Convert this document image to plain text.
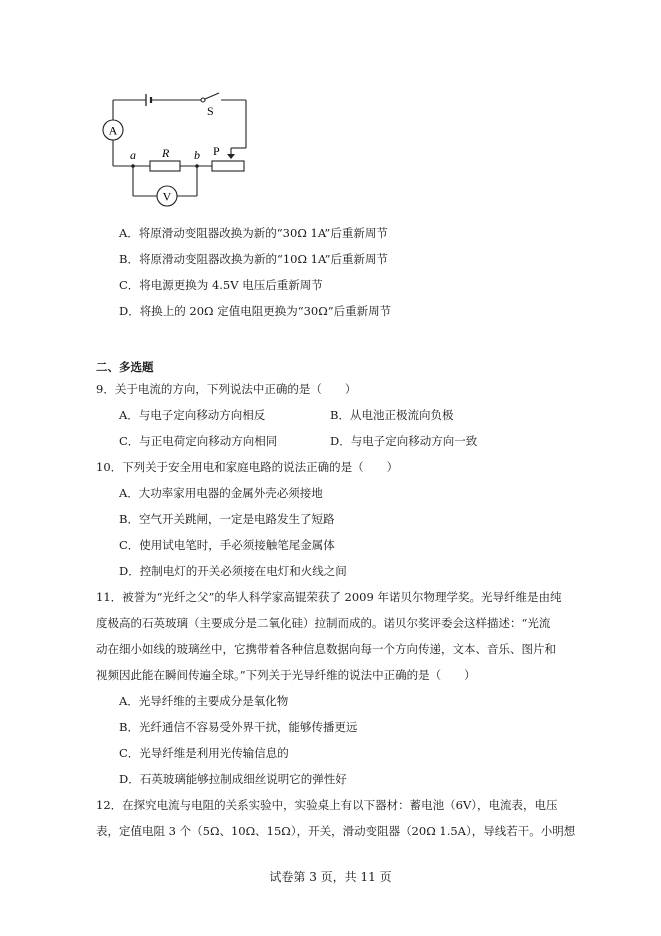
A
V
S
R	P
a	b
A．将原滑动变阻器改换为新的“30Ω 1A”后重新周节
B．将原滑动变阻器改换为新的“10Ω 1A”后重新周节
C．将电源更换为 4.5V 电压后重新周节
D．将换上的 20Ω 定值电阻更换为“30Ω”后重新周节
二、多选题
9．关于电流的方向，下列说法中正确的是（　　）
A．与电子定向移动方向相反	B．从电池正极流向负极
C．与正电荷定向移动方向相同	D．与电子定向移动方向一致
10．下列关于安全用电和家庭电路的说法正确的是（　　）
A．大功率家用电器的金属外壳必须接地
B．空气开关跳闸，一定是电路发生了短路
C．使用试电笔时，手必须接触笔尾金属体
D．控制电灯的开关必须接在电灯和火线之间
11．被誉为“光纤之父”的华人科学家高锟荣获了 2009 年诺贝尔物理学奖。光导纤维是由纯
度极高的石英玻璃（主要成分是二氧化硅）拉制而成的。诺贝尔奖评委会这样描述：“光流
动在细小如线的玻璃丝中，它携带着各种信息数据向每一个方向传递，文本、音乐、图片和
视频因此能在瞬间传遍全球。”下列关于光导纤维的说法中正确的是（　　）
A．光导纤维的主要成分是氧化物
B．光纤通信不容易受外界干扰，能够传播更远
C．光导纤维是利用光传输信息的
D．石英玻璃能够拉制成细丝说明它的弹性好
12．在探究电流与电阻的关系实验中，实验桌上有以下器材：蓄电池（6V），电流表，电压
表，定值电阻 3 个（5Ω、10Ω、15Ω），开关，滑动变阻器（20Ω 1.5A），导线若干。小明想
试卷第 3 页，共 11 页
